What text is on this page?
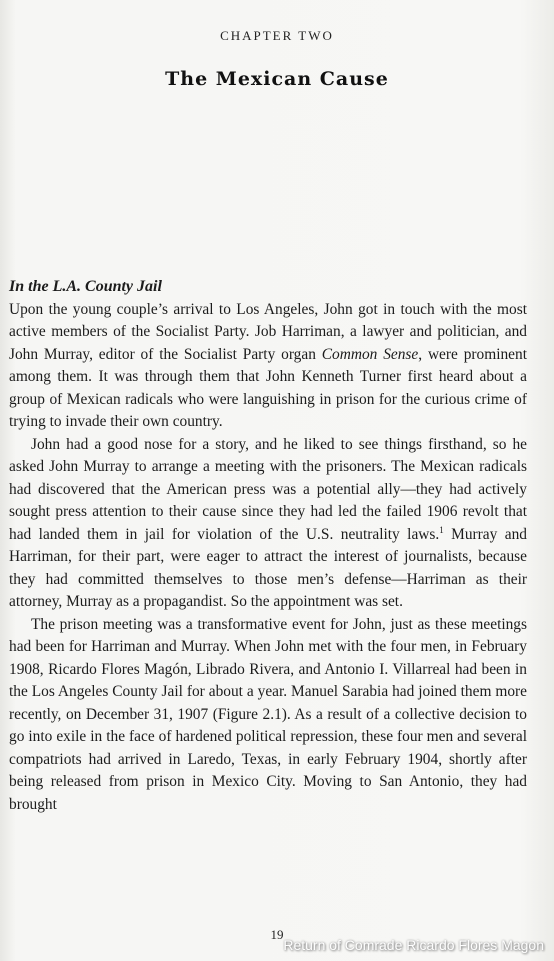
CHAPTER TWO
The Mexican Cause

In the L.A. County Jail

Upon the young couple’s arrival to Los Angeles, John got in touch with the most active members of the Socialist Party. Job Harriman, a lawyer and politician, and John Murray, editor of the Socialist Party organ Common Sense, were prominent among them. It was through them that John Kenneth Turner first heard about a group of Mexican radicals who were languishing in prison for the curious crime of trying to invade their own country.

John had a good nose for a story, and he liked to see things firsthand, so he asked John Murray to arrange a meeting with the prisoners. The Mexican radicals had discovered that the American press was a potential ally—they had actively sought press attention to their cause since they had led the failed 1906 revolt that had landed them in jail for violation of the U.S. neutrality laws.$^1$ Murray and Harriman, for their part, were eager to attract the interest of journalists, because they had committed themselves to those men’s defense—Harriman as their attorney, Murray as a propagandist. So the appointment was set.

The prison meeting was a transformative event for John, just as these meetings had been for Harriman and Murray. When John met with the four men, in February 1908, Ricardo Flores Magón, Librado Rivera, and Antonio I. Villarreal had been in the Los Angeles County Jail for about a year. Manuel Sarabia had joined them more recently, on December 31, 1907 (Figure 2.1). As a result of a collective decision to go into exile in the face of hardened political repression, these four men and several compatriots had arrived in Laredo, Texas, in early February 1904, shortly after being released from prison in Mexico City. Moving to San Antonio, they had brought

19
Return of Comrade Ricardo Flores Magon
